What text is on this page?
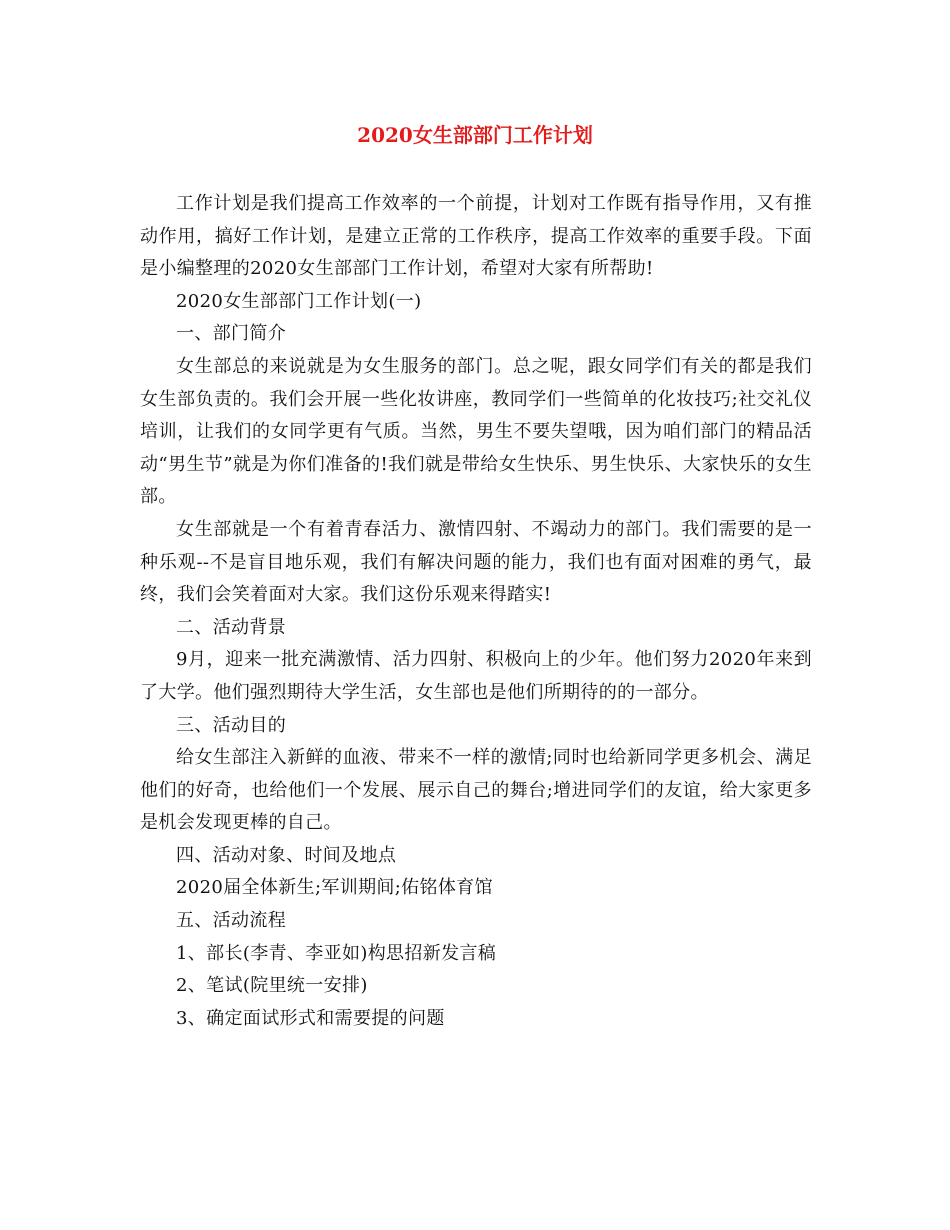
2020女生部部门工作计划

工作计划是我们提高工作效率的一个前提，计划对工作既有指导作用，又有推动作用，搞好工作计划，是建立正常的工作秩序，提高工作效率的重要手段。下面是小编整理的2020女生部部门工作计划，希望对大家有所帮助!

2020女生部部门工作计划(一)

一、部门简介

女生部总的来说就是为女生服务的部门。总之呢，跟女同学们有关的都是我们女生部负责的。我们会开展一些化妆讲座，教同学们一些简单的化妆技巧;社交礼仪培训，让我们的女同学更有气质。当然，男生不要失望哦，因为咱们部门的精品活动“男生节”就是为你们准备的!我们就是带给女生快乐、男生快乐、大家快乐的女生部。

女生部就是一个有着青春活力、激情四射、不竭动力的部门。我们需要的是一种乐观--不是盲目地乐观，我们有解决问题的能力，我们也有面对困难的勇气，最终，我们会笑着面对大家。我们这份乐观来得踏实!

二、活动背景

9月，迎来一批充满激情、活力四射、积极向上的少年。他们努力2020年来到了大学。他们强烈期待大学生活，女生部也是他们所期待的的一部分。

三、活动目的

给女生部注入新鲜的血液、带来不一样的激情;同时也给新同学更多机会、满足他们的好奇，也给他们一个发展、展示自己的舞台;增进同学们的友谊，给大家更多是机会发现更棒的自己。

四、活动对象、时间及地点

2020届全体新生;军训期间;佑铭体育馆

五、活动流程

1、部长(李青、李亚如)构思招新发言稿

2、笔试(院里统一安排)

3、确定面试形式和需要提的问题
